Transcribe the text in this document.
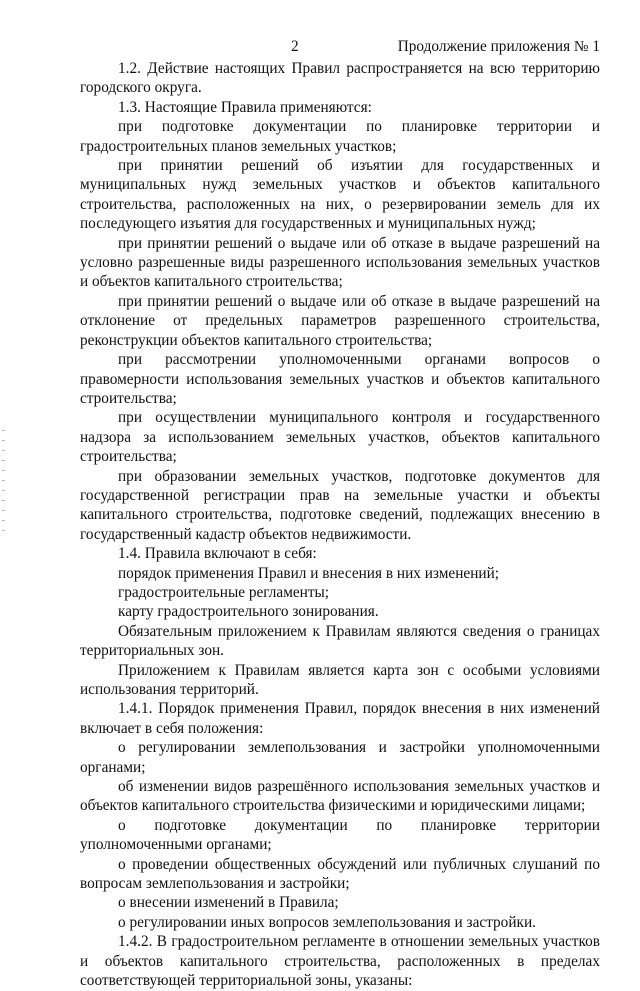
2	Продолжение приложения № 1

1.2. Действие настоящих Правил распространяется на всю территорию городского округа.

1.3. Настоящие Правила применяются:

при подготовке документации по планировке территории и градостроительных планов земельных участков;

при принятии решений об изъятии для государственных и муниципальных нужд земельных участков и объектов капитального строительства, расположенных на них, о резервировании земель для их последующего изъятия для государственных и муниципальных нужд;

при принятии решений о выдаче или об отказе в выдаче разрешений на условно разрешенные виды разрешенного использования земельных участков и объектов капитального строительства;

при принятии решений о выдаче или об отказе в выдаче разрешений на отклонение от предельных параметров разрешенного строительства, реконструкции объектов капитального строительства;

при рассмотрении уполномоченными органами вопросов о правомерности использования земельных участков и объектов капитального строительства;

при осуществлении муниципального контроля и государственного надзора за использованием земельных участков, объектов капитального строительства;

при образовании земельных участков, подготовке документов для государственной регистрации прав на земельные участки и объекты капитального строительства, подготовке сведений, подлежащих внесению в государственный кадастр объектов недвижимости.

1.4. Правила включают в себя:

порядок применения Правил и внесения в них изменений;

градостроительные регламенты;

карту градостроительного зонирования.

Обязательным приложением к Правилам являются сведения о границах территориальных зон.

Приложением к Правилам является карта зон с особыми условиями использования территорий.

1.4.1. Порядок применения Правил, порядок внесения в них изменений включает в себя положения:

о регулировании землепользования и застройки уполномоченными органами;

об изменении видов разрешённого использования земельных участков и объектов капитального строительства физическими и юридическими лицами;

о подготовке документации по планировке территории уполномоченными органами;

о проведении общественных обсуждений или публичных слушаний по вопросам землепользования и застройки;

о внесении изменений в Правила;

о регулировании иных вопросов землепользования и застройки.

1.4.2. В градостроительном регламенте в отношении земельных участков и объектов капитального строительства, расположенных в пределах соответствующей территориальной зоны, указаны:
